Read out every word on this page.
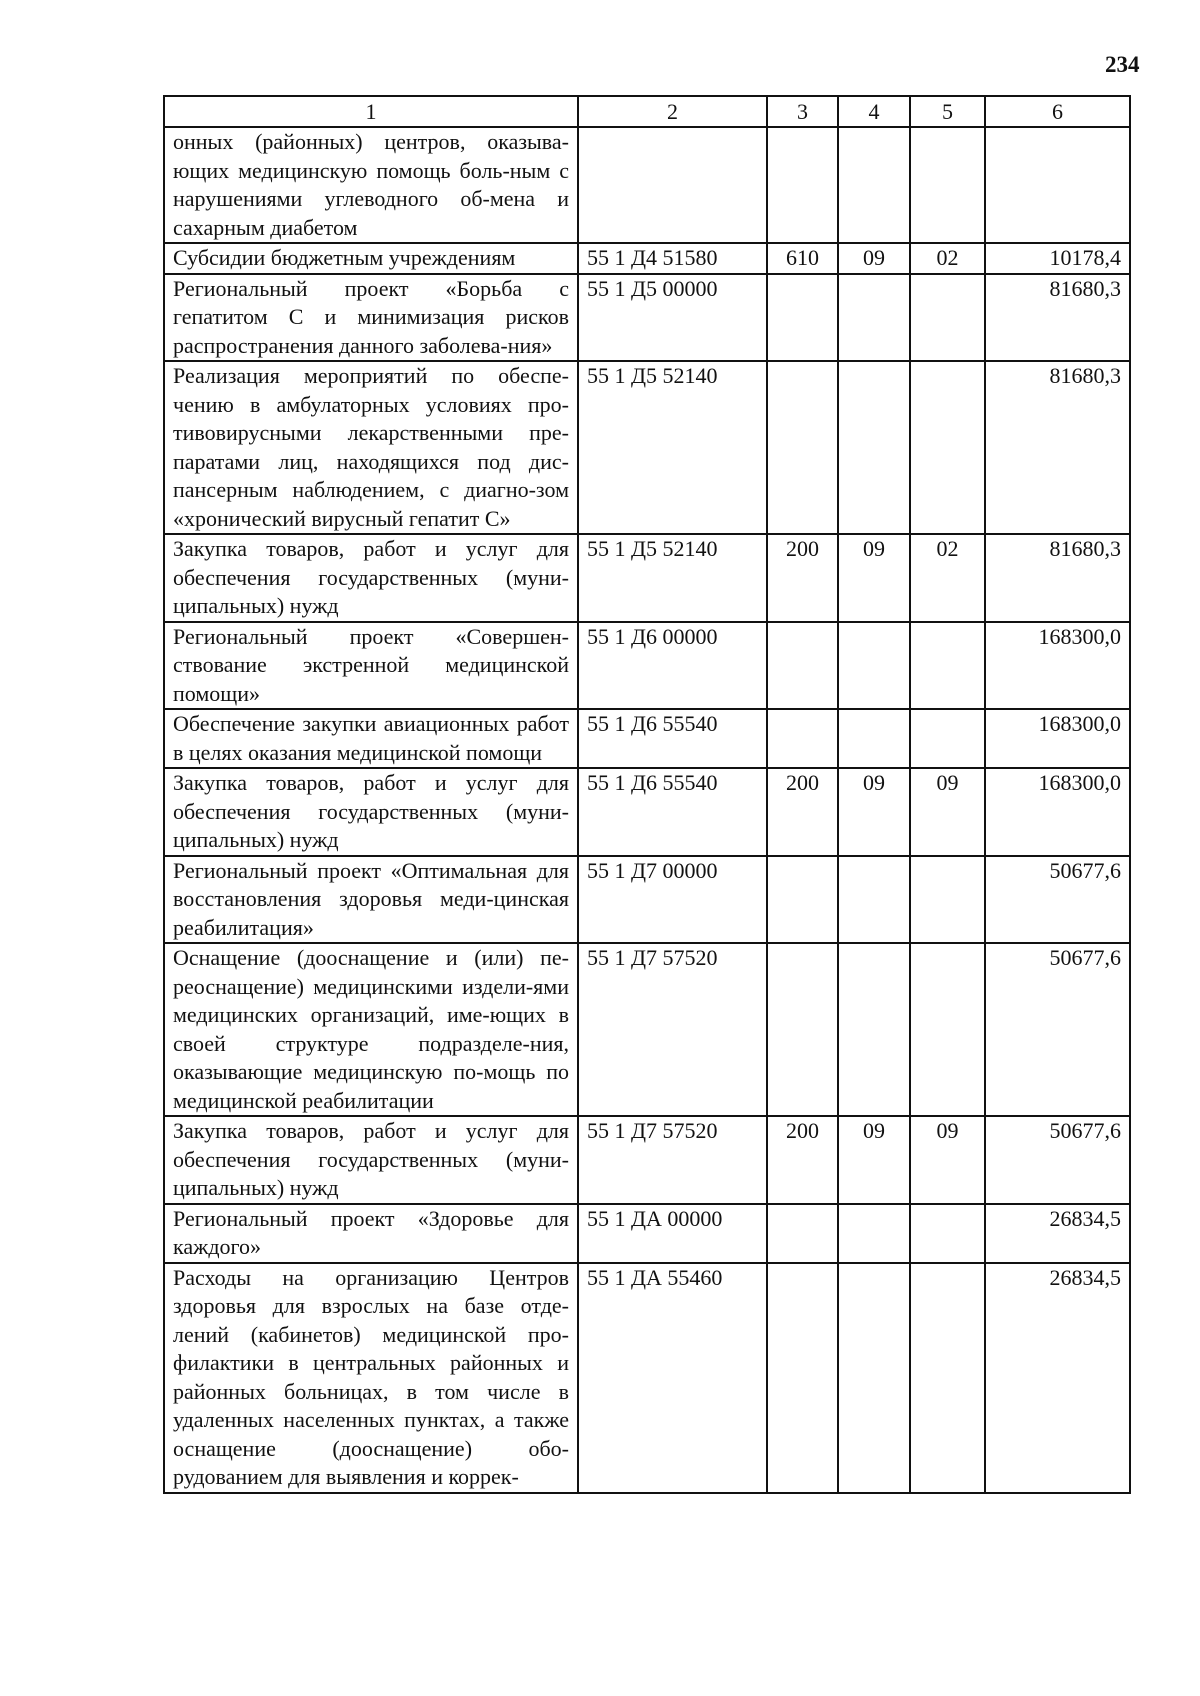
234
1	2	3	4	5	6
онных (районных) центров, оказыва-ющих медицинскую помощь боль-ным с нарушениями углеводного об-мена и сахарным диабетом					
Субсидии бюджетным учреждениям	55 1 Д4 51580	610	09	02	10178,4
Региональный проект «Борьба с гепатитом С и минимизация рисков распространения данного заболева-ния»	55 1 Д5 00000				81680,3
Реализация мероприятий по обеспе-чению в амбулаторных условиях про-тивовирусными лекарственными пре-паратами лиц, находящихся под дис-пансерным наблюдением, с диагно-зом «хронический вирусный гепатит С»	55 1 Д5 52140				81680,3
Закупка товаров, работ и услуг для обеспечения государственных (муни-ципальных) нужд	55 1 Д5 52140	200	09	02	81680,3
Региональный проект «Совершен-ствование экстренной медицинской помощи»	55 1 Д6 00000				168300,0
Обеспечение закупки авиационных работ в целях оказания медицинской помощи	55 1 Д6 55540				168300,0
Закупка товаров, работ и услуг для обеспечения государственных (муни-ципальных) нужд	55 1 Д6 55540	200	09	09	168300,0
Региональный проект «Оптимальная для восстановления здоровья меди-цинская реабилитация»	55 1 Д7 00000				50677,6
Оснащение (дооснащение и (или) пе-реоснащение) медицинскими издели-ями медицинских организаций, име-ющих в своей структуре подразделе-ния, оказывающие медицинскую по-мощь по медицинской реабилитации	55 1 Д7 57520				50677,6
Закупка товаров, работ и услуг для обеспечения государственных (муни-ципальных) нужд	55 1 Д7 57520	200	09	09	50677,6
Региональный проект «Здоровье для каждого»	55 1 ДА 00000				26834,5
Расходы на организацию Центров здоровья для взрослых на базе отде-лений (кабинетов) медицинской про-филактики в центральных районных и районных больницах, в том числе в удаленных населенных пунктах, а также оснащение (дооснащение) обо-рудованием для выявления и коррек-	55 1 ДА 55460				26834,5
